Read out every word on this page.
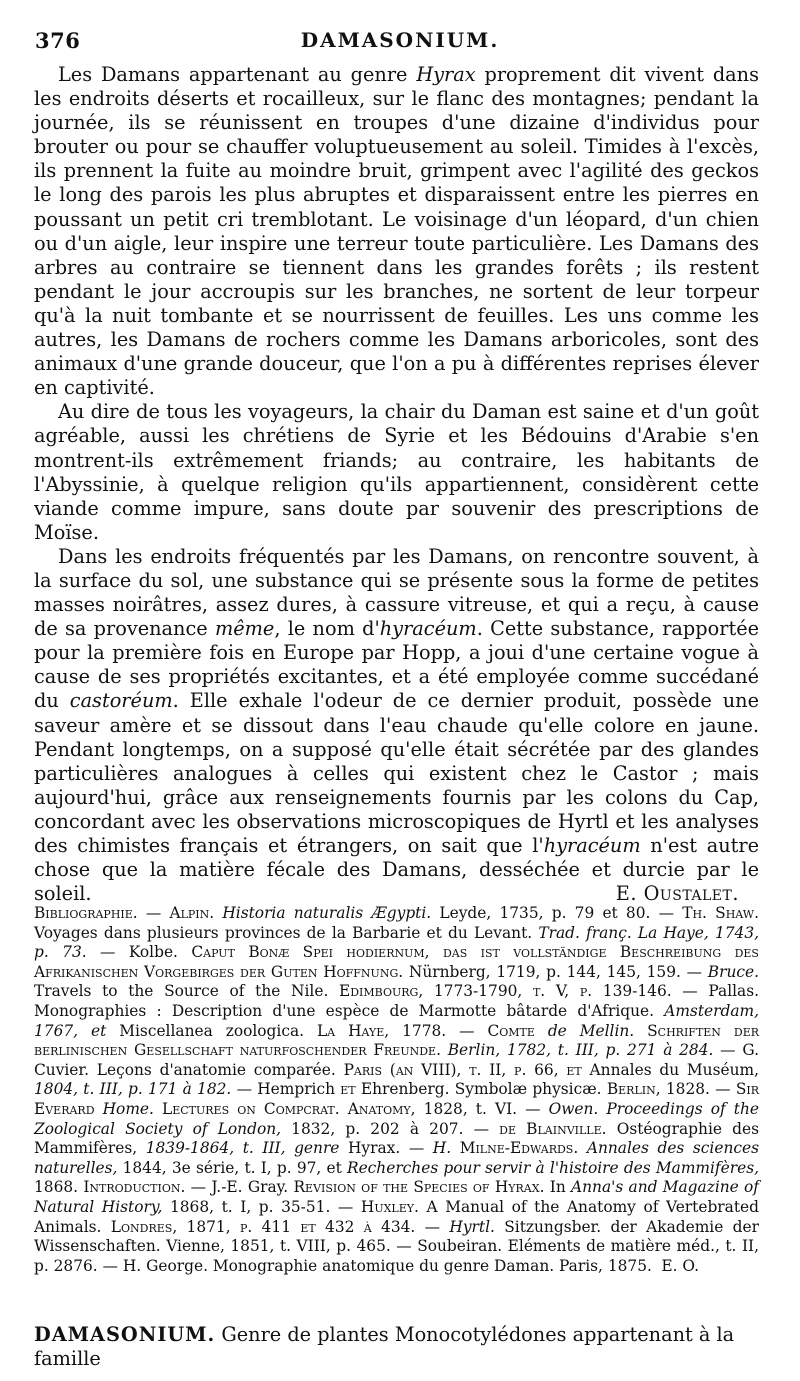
376	DAMASONIUM.

Les Damans appartenant au genre Hyrax proprement dit vivent dans les endroits déserts et rocailleux, sur le flanc des montagnes; pendant la journée, ils se réunissent en troupes d'une dizaine d'individus pour brouter ou pour se chauffer voluptueusement au soleil. Timides à l'excès, ils prennent la fuite au moindre bruit, grimpent avec l'agilité des geckos le long des parois les plus abruptes et disparaissent entre les pierres en poussant un petit cri tremblotant. Le voisinage d'un léopard, d'un chien ou d'un aigle, leur inspire une terreur toute particulière. Les Damans des arbres au contraire se tiennent dans les grandes forêts ; ils restent pendant le jour accroupis sur les branches, ne sortent de leur torpeur qu'à la nuit tombante et se nourrissent de feuilles. Les uns comme les autres, les Damans de rochers comme les Damans arboricoles, sont des animaux d'une grande douceur, que l'on a pu à différentes reprises élever en captivité.

Au dire de tous les voyageurs, la chair du Daman est saine et d'un goût agréable, aussi les chrétiens de Syrie et les Bédouins d'Arabie s'en montrent-ils extrêmement friands; au contraire, les habitants de l'Abyssinie, à quelque religion qu'ils appartiennent, considèrent cette viande comme impure, sans doute par souvenir des prescriptions de Moïse.

Dans les endroits fréquentés par les Damans, on rencontre souvent, à la surface du sol, une substance qui se présente sous la forme de petites masses noirâtres, assez dures, à cassure vitreuse, et qui a reçu, à cause de sa provenance même, le nom d'hyracéum. Cette substance, rapportée pour la première fois en Europe par Hopp, a joui d'une certaine vogue à cause de ses propriétés excitantes, et a été employée comme succédané du castoréum. Elle exhale l'odeur de ce dernier produit, possède une saveur amère et se dissout dans l'eau chaude qu'elle colore en jaune. Pendant longtemps, on a supposé qu'elle était sécrétée par des glandes particulières analogues à celles qui existent chez le Castor ; mais aujourd'hui, grâce aux renseignements fournis par les colons du Cap, concordant avec les observations microscopiques de Hyrtl et les analyses des chimistes français et étrangers, on sait que l'hyracéum n'est autre chose que la matière fécale des Damans, desséchée et durcie par le soleil.	E. Oustalet.

Bibliographie. — Alpin. Historia naturalis Ægypti. Leyde, 1735, p. 79 et 80. — Th. Shaw. Voyages dans plusieurs provinces de la Barbarie et du Levant. Trad. franç. La Haye, 1743, p. 73. — Kolbe. Caput Bonæ Spei hodiernum, das ist vollständige Beschreibung des Afrikanischen Vorgebirges der Guten Hoffnung. Nürnberg, 1719, p. 144, 145, 159. — Bruce. Travels to the Source of the Nile. Edimbourg, 1773-1790, t. V, p. 139-146. — Pallas. Monographies : Description d'une espèce de Marmotte bâtarde d'Afrique. Amsterdam, 1767, et Miscellanea zoologica. La Haye, 1778. — Comte de Mellin. Schriften der berlinischen Gesellschaft naturfoschender Freunde. Berlin, 1782, t. III, p. 271 à 284. — G. Cuvier. Leçons d'anatomie comparée. Paris (an VIII), t. II, p. 66, et Annales du Muséum, 1804, t. III, p. 171 à 182. — Hemprich et Ehrenberg. Symbolæ physicæ. Berlin, 1828. — Sir Everard Home. Lectures on Compcrat. Anatomy, 1828, t. VI. — Owen. Proceedings of the Zoological Society of London, 1832, p. 202 à 207. — de Blainville. Ostéographie des Mammifères, 1839-1864, t. III, genre Hyrax. — H. Milne-Edwards. Annales des sciences naturelles, 1844, 3e série, t. I, p. 97, et Recherches pour servir à l'histoire des Mammifères, 1868. Introduction. — J.-E. Gray. Revision of the Species of Hyrax. In Anna's and Magazine of Natural History, 1868, t. I, p. 35-51. — Huxley. A Manual of the Anatomy of Vertebrated Animals. Londres, 1871, p. 411 et 432 à 434. — Hyrtl. Sitzungsber. der Akademie der Wissenschaften. Vienne, 1851, t. VIII, p. 465. — Soubeiran. Eléments de matière méd., t. II, p. 2876. — H. George. Monographie anatomique du genre Daman. Paris, 1875. E. O.
DAMASONIUM. Genre de plantes Monocotylédones appartenant à la famille
